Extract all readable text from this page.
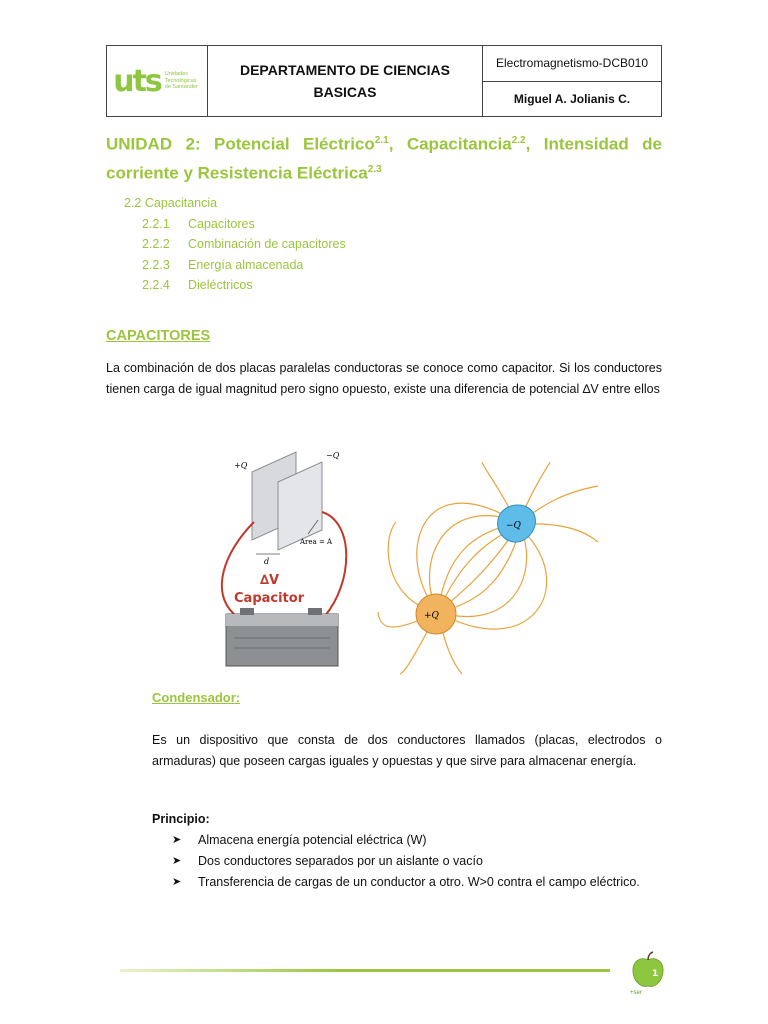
uts Unidades Tecnológicas de Santander
DEPARTAMENTO DE CIENCIAS BASICAS
Electromagnetismo-DCB010
Miguel A. Jolianis C.
UNIDAD 2: Potencial Eléctrico$^{2.1}$, Capacitancia$^{2.2}$, Intensidad de corriente y Resistencia Eléctrica$^{2.3}$
2.2 Capacitancia
2.2.1	Capacitores
2.2.2	Combinación de capacitores
2.2.3	Energía almacenada
2.2.4	Dieléctricos
CAPACITORES
La combinación de dos placas paralelas conductoras se conoce como capacitor. Si los conductores tienen carga de igual magnitud pero signo opuesto, existe una diferencia de potencial ∆V entre ellos
d
Area = A
+Q
−Q
∆V
Capacitor
−Q
+Q
Condensador:
Es un dispositivo que consta de dos conductores llamados (placas, electrodos o armaduras) que poseen cargas iguales y opuestas y que sirve para almacenar energía.
Principio:
➤ Almacena energía potencial eléctrica (W)
➤ Dos conductores separados por un aislante o vacío
➤ Transferencia de cargas de un conductor a otro. W>0 contra el campo eléctrico.
1
+ser
